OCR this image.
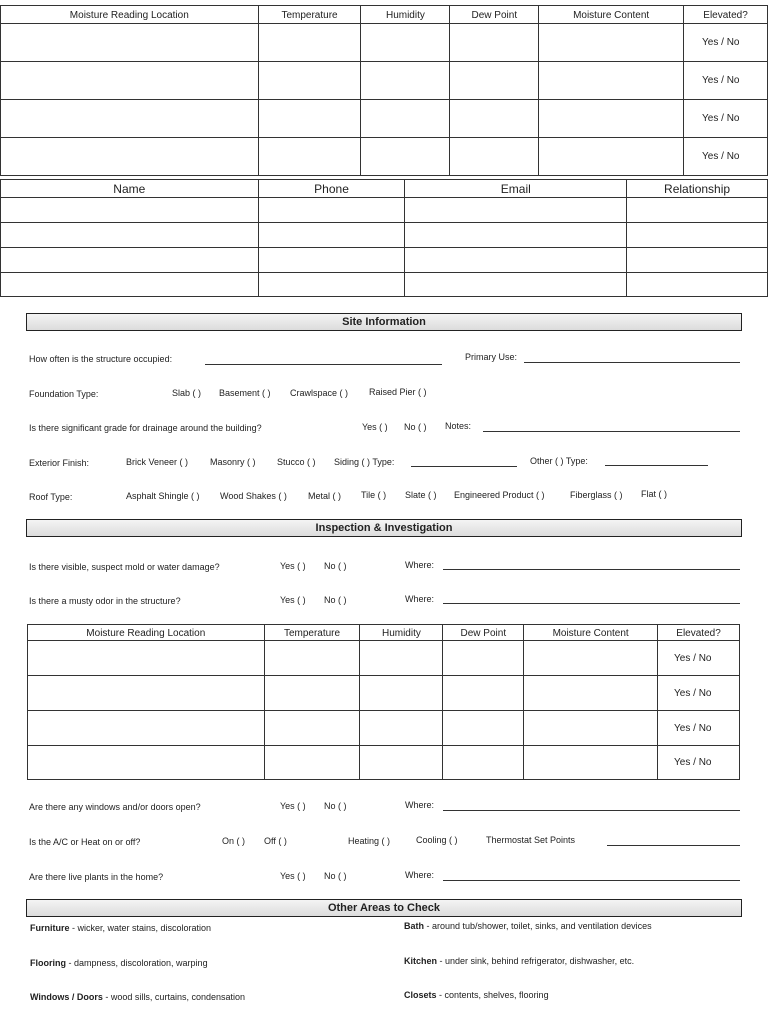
Moisture Reading Location	Temperature	Humidity	Dew Point	Moisture Content	Elevated?
					Yes / No
					Yes / No
					Yes / No
					Yes / No
Name	Phone	Email	Relationship

Site Information
How often is the structure occupied:	Primary Use:
Foundation Type:	Slab ( ) Basement ( ) Crawlspace ( ) Raised Pier ( )
Is there significant grade for drainage around the building?	Yes ( ) No ( ) Notes:
Exterior Finish:	Brick Veneer ( ) Masonry ( ) Stucco ( ) Siding ( ) Type:	Other ( ) Type:
Roof Type:	Asphalt Shingle ( ) Wood Shakes ( ) Metal ( ) Tile ( ) Slate ( ) Engineered Product ( )	Fiberglass ( ) Flat ( )
Inspection & Investigation
Is there visible, suspect mold or water damage?	Yes ( ) No ( )	Where:
Is there a musty odor in the structure?	Yes ( ) No ( )	Where:
Moisture Reading Location	Temperature	Humidity	Dew Point	Moisture Content	Elevated?
					Yes / No
					Yes / No
					Yes / No
					Yes / No
Are there any windows and/or doors open?	Yes ( ) No ( )	Where:
Is the A/C or Heat on or off?	On ( ) Off ( )	Heating ( )	Cooling ( )	Thermostat Set Points
Are there live plants in the home?	Yes ( ) No ( )	Where:
Other Areas to Check
Furniture - wicker, water stains, discoloration	Bath - around tub/shower, toilet, sinks, and ventilation devices
Flooring - dampness, discoloration, warping	Kitchen - under sink, behind refrigerator, dishwasher, etc.
Windows / Doors - wood sills, curtains, condensation	Closets - contents, shelves, flooring
